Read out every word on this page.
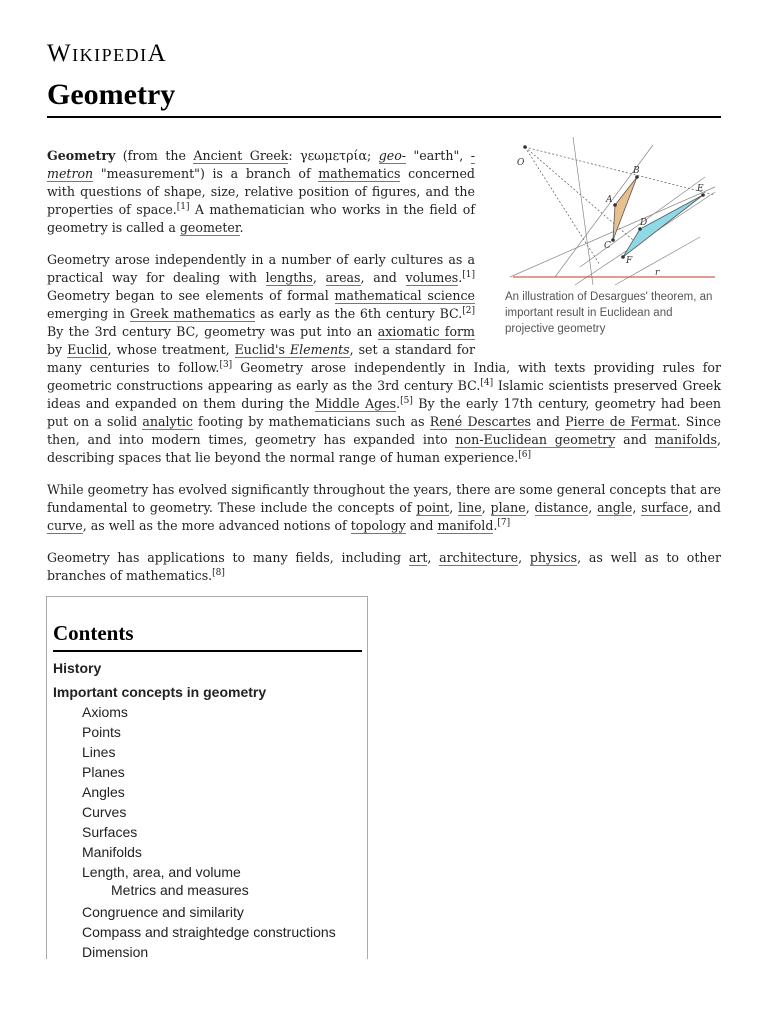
WIKIPEDIA
Geometry
O
B
A
E
D
C
F
r
An illustration of Desargues' theorem, an important result in Euclidean and projective geometry

Geometry (from the Ancient Greek: γεωμετρία; geo- "earth", -metron "measurement") is a branch of mathematics concerned with questions of shape, size, relative position of figures, and the properties of space.[1] A mathematician who works in the field of geometry is called a geometer.

Geometry arose independently in a number of early cultures as a practical way for dealing with lengths, areas, and volumes.[1] Geometry began to see elements of formal mathematical science emerging in Greek mathematics as early as the 6th century BC.[2] By the 3rd century BC, geometry was put into an axiomatic form by Euclid, whose treatment, Euclid's Elements, set a standard for many centuries to follow.[3] Geometry arose independently in India, with texts providing rules for geometric constructions appearing as early as the 3rd century BC.[4] Islamic scientists preserved Greek ideas and expanded on them during the Middle Ages.[5] By the early 17th century, geometry had been put on a solid analytic footing by mathematicians such as René Descartes and Pierre de Fermat. Since then, and into modern times, geometry has expanded into non-Euclidean geometry and manifolds, describing spaces that lie beyond the normal range of human experience.[6]

While geometry has evolved significantly throughout the years, there are some general concepts that are fundamental to geometry. These include the concepts of point, line, plane, distance, angle, surface, and curve, as well as the more advanced notions of topology and manifold.[7]

Geometry has applications to many fields, including art, architecture, physics, as well as to other branches of mathematics.[8]

Contents
History
Important concepts in geometry
Axioms
Points
Lines
Planes
Angles
Curves
Surfaces
Manifolds
Length, area, and volume
Metrics and measures
Congruence and similarity
Compass and straightedge constructions
Dimension
